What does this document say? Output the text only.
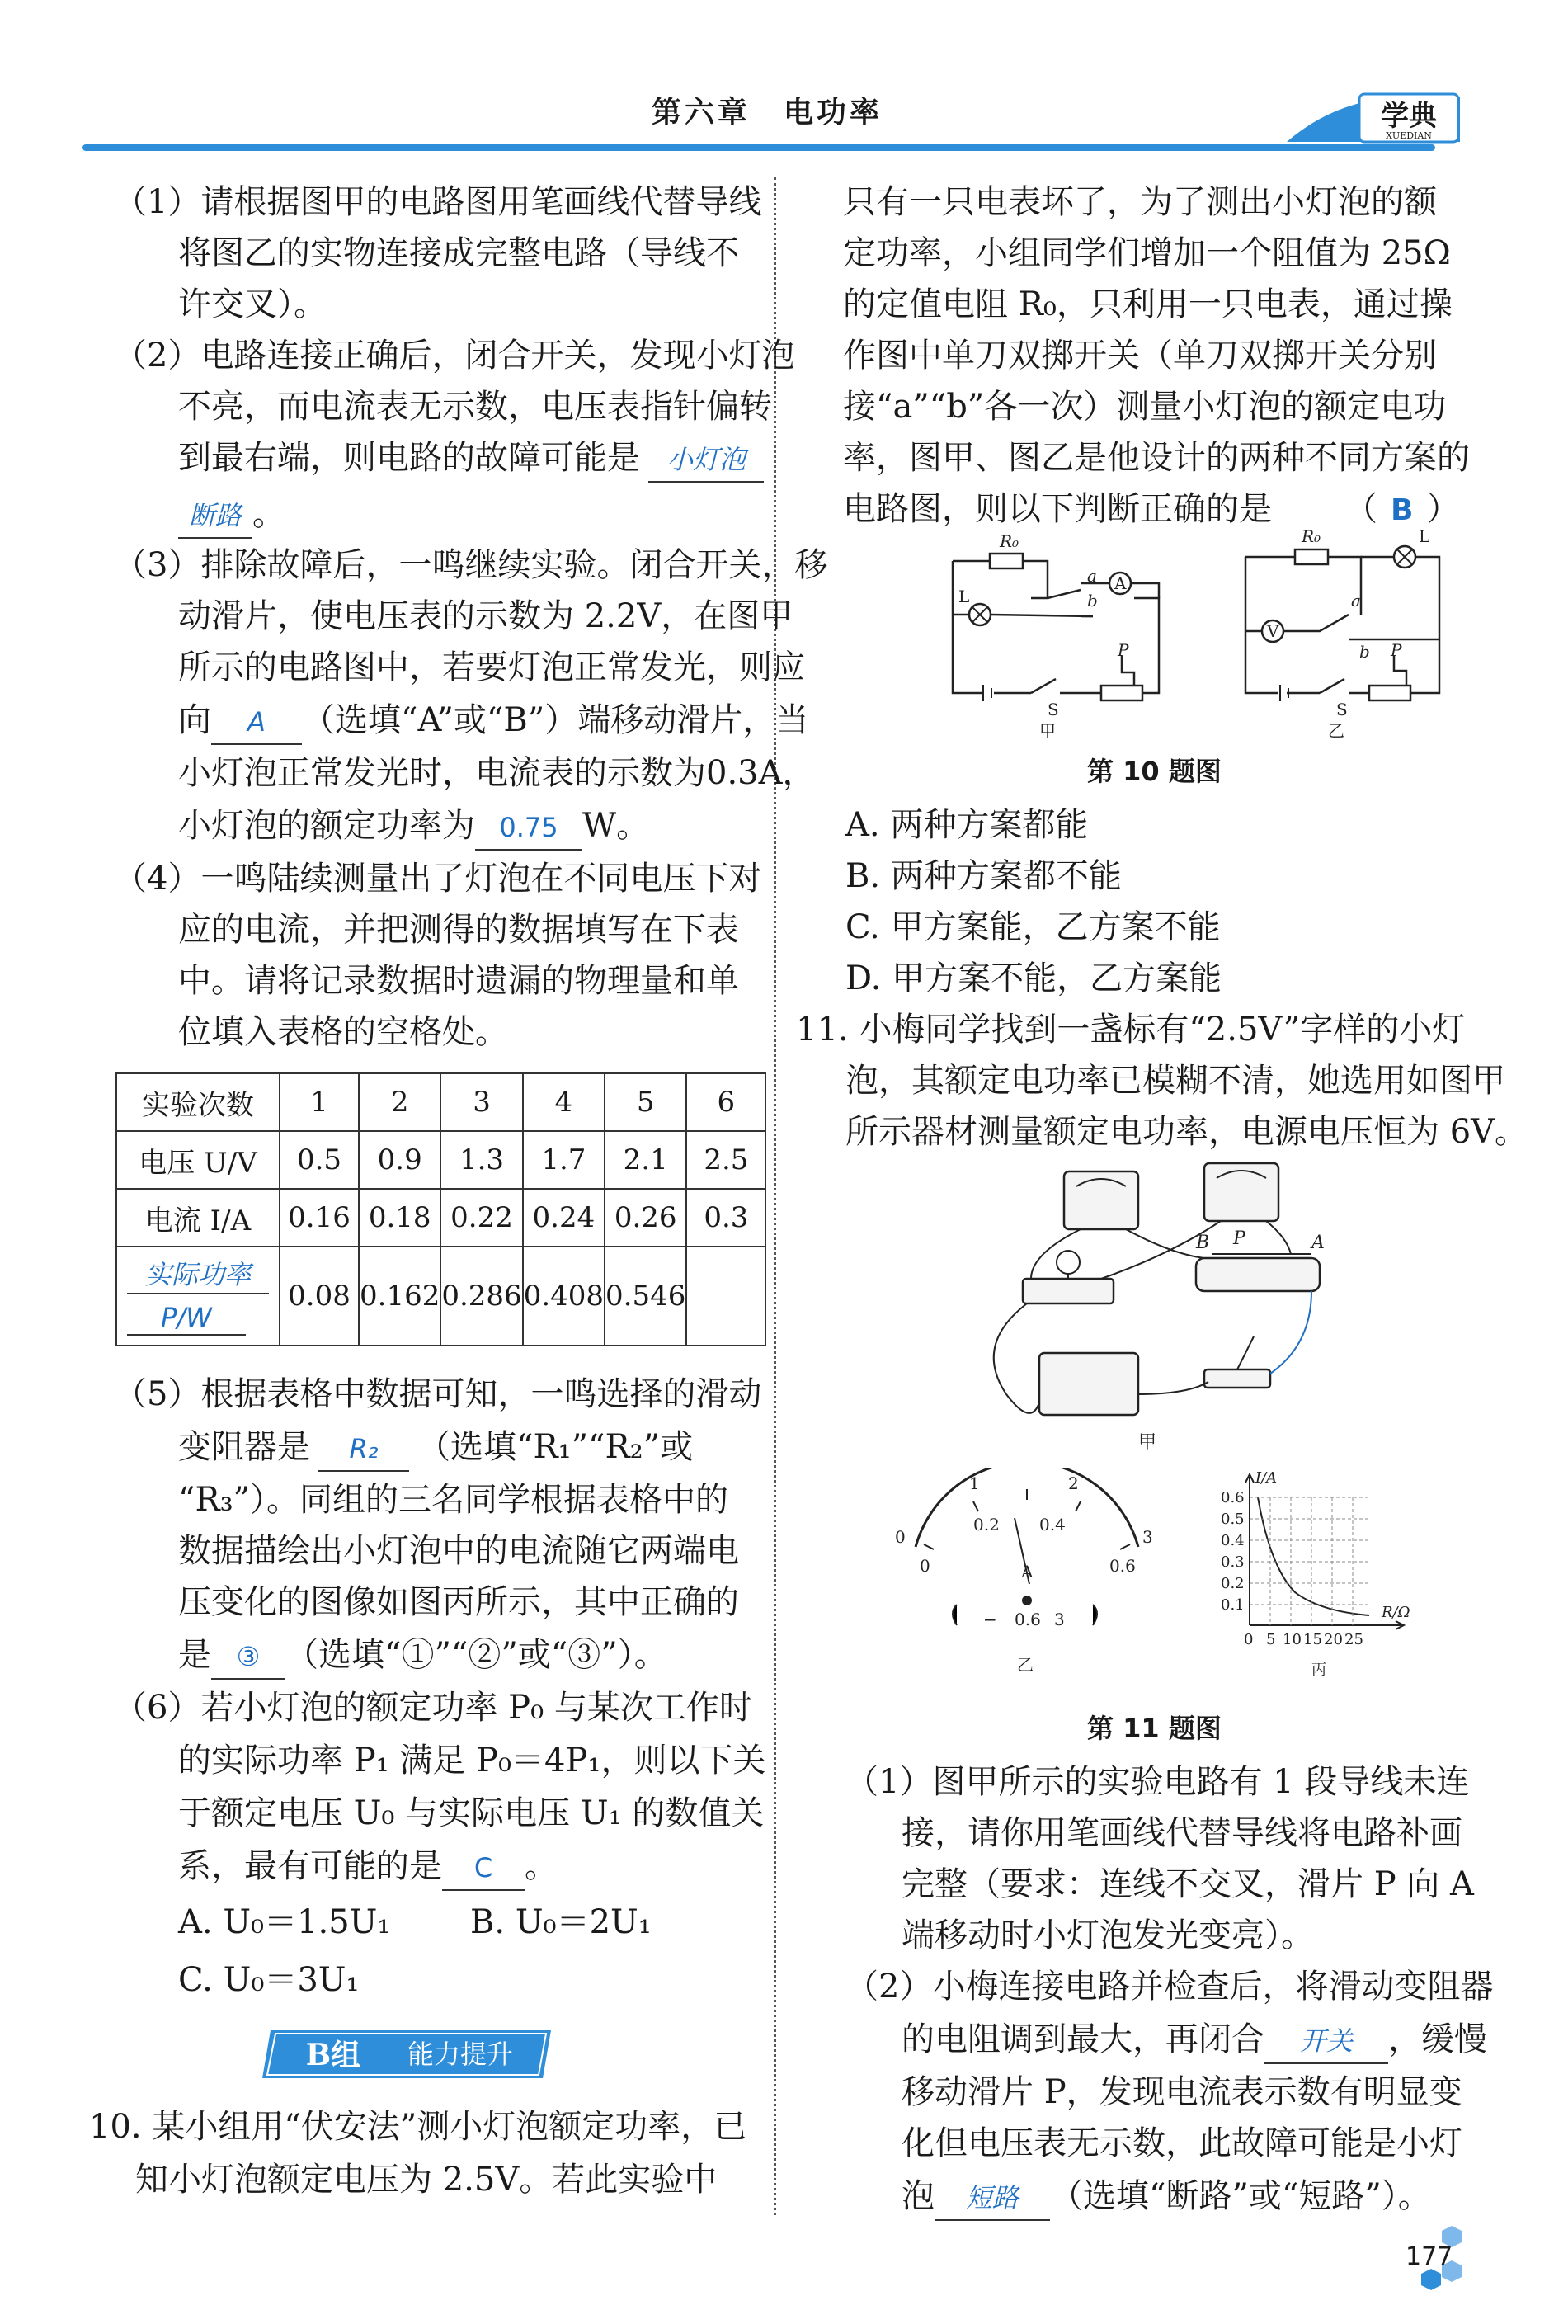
第六章　电功率	学典
XUEDIAN
（1）请根据图甲的电路图用笔画线代替导线
将图乙的实物连接成完整电路（导线不
许交叉）。
（2）电路连接正确后，闭合开关，发现小灯泡
不亮，而电流表无示数，电压表指针偏转
到最右端，则电路的故障可能是 小灯泡
断路 。
（3）排除故障后，一鸣继续实验。闭合开关，移
动滑片，使电压表的示数为 2.2V，在图甲
所示的电路图中，若要灯泡正常发光，则应
向 A （选填“A”或“B”）端移动滑片，当
小灯泡正常发光时，电流表的示数为0.3A，
小灯泡的额定功率为 0.75 W。
（4）一鸣陆续测量出了灯泡在不同电压下对
应的电流，并把测得的数据填写在下表
中。请将记录数据时遗漏的物理量和单
位填入表格的空格处。
实验次数	1	2	3	4	5	6
电压 U/V	0.5	0.9	1.3	1.7	2.1	2.5
电流 I/A	0.16	0.18	0.22	0.24	0.26	0.3

实际功率
P/W	0.08	0.162	0.286	0.408	0.546	
（5）根据表格中数据可知，一鸣选择的滑动
变阻器是 R₂ （选填“R₁”“R₂”或
“R₃”）。同组的三名同学根据表格中的
数据描绘出小灯泡中的电流随它两端电
压变化的图像如图丙所示，其中正确的
是 ③ （选填“①”“②”或“③”）。
（6）若小灯泡的额定功率 P₀ 与某次工作时
的实际功率 P₁ 满足 P₀＝4P₁，则以下关
于额定电压 U₀ 与实际电压 U₁ 的数值关
系，最有可能的是 C 。
A. U₀＝1.5U₁ B. U₀＝2U₁
C. U₀＝3U₁
B组 能力提升
10. 某小组用“伏安法”测小灯泡额定功率，已
知小灯泡额定电压为 2.5V。若此实验中
只有一只电表坏了，为了测出小灯泡的额
定功率，小组同学们增加一个阻值为 25Ω
的定值电阻 R₀，只利用一只电表，通过操
作图中单刀双掷开关（单刀双掷开关分别
接“a”“b”各一次）测量小灯泡的额定电功
率，图甲、图乙是他设计的两种不同方案的
电路图，则以下判断正确的是 （ B ）
R₀
L
a
b
A
P
S
甲
R₀	L
V
a
b P
S
乙
第 10 题图
A. 两种方案都能
B. 两种方案都不能
C. 甲方案能，乙方案不能
D. 甲方案不能，乙方案能
11. 小梅同学找到一盏标有“2.5V”字样的小灯
泡，其额定电功率已模糊不清，她选用如图甲
所示器材测量额定电功率，电源电压恒为 6V。
B P	A
甲
0
1	2
3
0.2 0.4
0	0.6
A
− 0.6 3
乙
I/A
R/Ω
0.6
0.5
0.4
0.3
0.2
0.1
0 5 10 15 20 25
丙
第 11 题图
（1）图甲所示的实验电路有 1 段导线未连
接，请你用笔画线代替导线将电路补画
完整（要求：连线不交叉，滑片 P 向 A
端移动时小灯泡发光变亮）。
（2）小梅连接电路并检查后，将滑动变阻器
的电阻调到最大，再闭合 开关 ，缓慢
移动滑片 P，发现电流表示数有明显变
化但电压表无示数，此故障可能是小灯
泡 短路 （选填“断路”或“短路”）。
177
